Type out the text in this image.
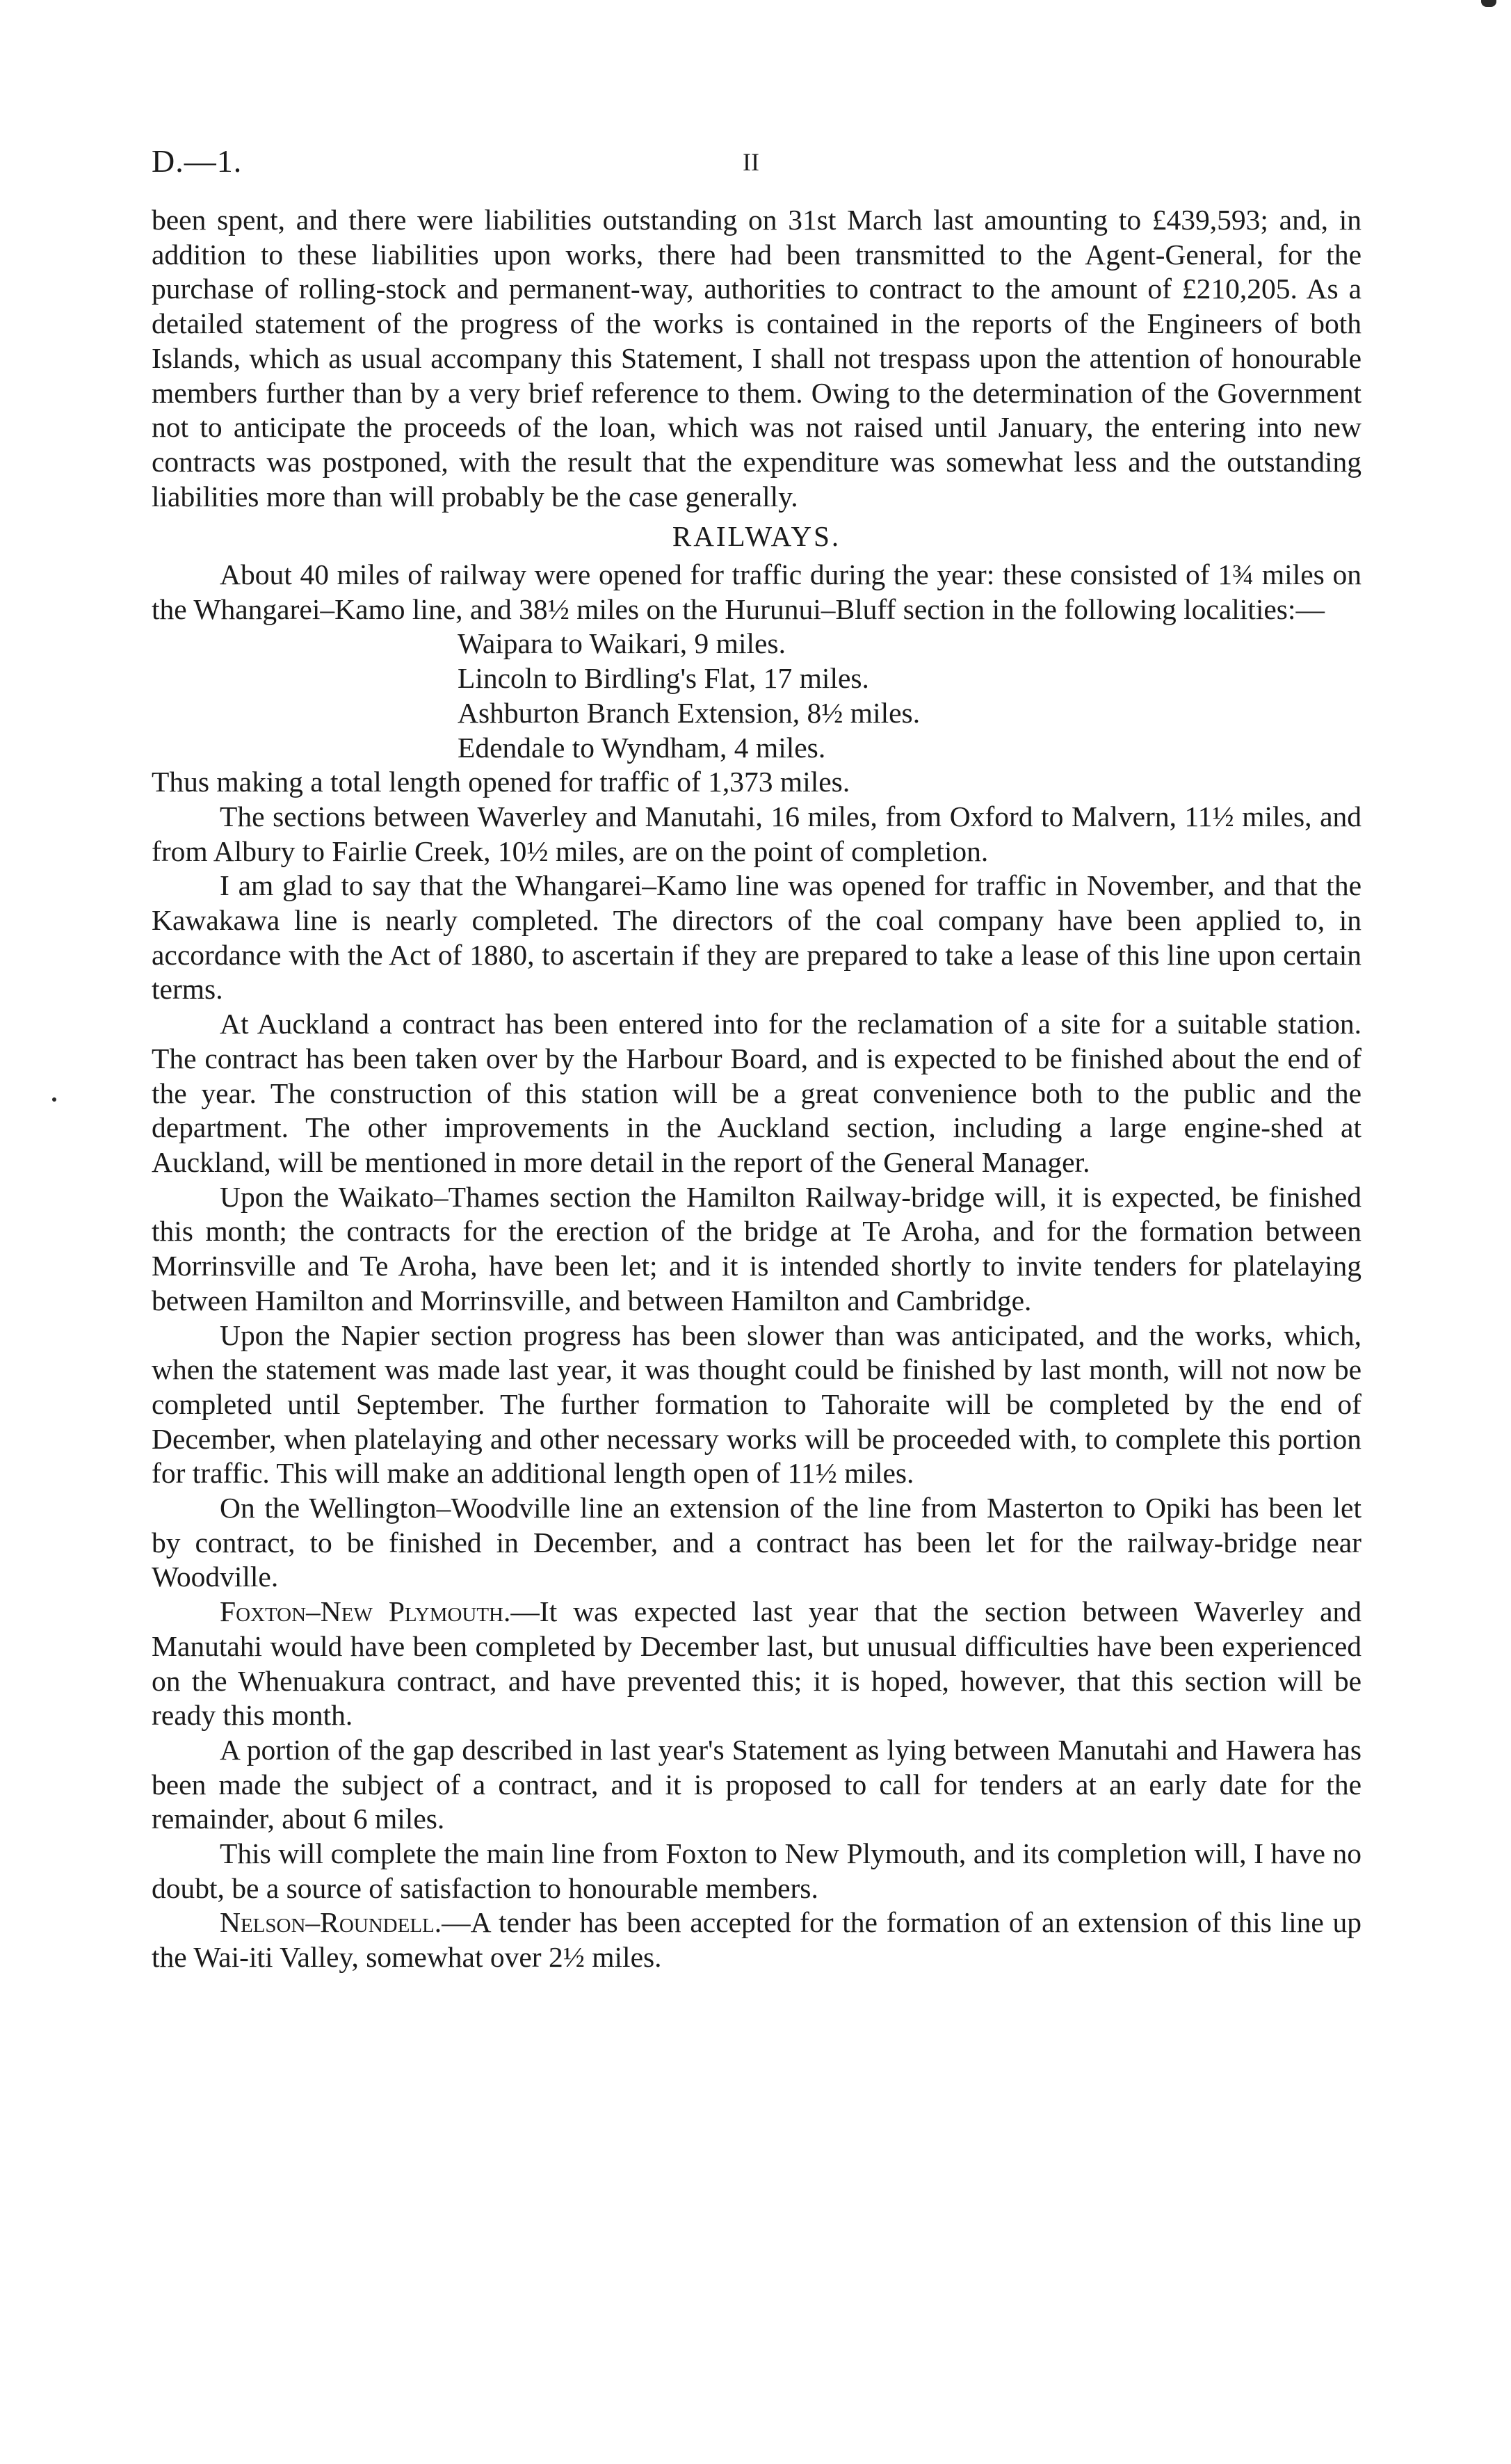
D.—1.	II

been spent, and there were liabilities outstanding on 31st March last amounting to £439,593; and, in addition to these liabilities upon works, there had been transmitted to the Agent-General, for the purchase of rolling-stock and permanent-way, authorities to contract to the amount of £210,205. As a detailed statement of the progress of the works is contained in the reports of the Engineers of both Islands, which as usual accompany this Statement, I shall not trespass upon the attention of honourable members further than by a very brief reference to them. Owing to the determination of the Government not to anticipate the proceeds of the loan, which was not raised until January, the entering into new contracts was postponed, with the result that the expenditure was somewhat less and the outstanding liabilities more than will probably be the case generally.

RAILWAYS.

About 40 miles of railway were opened for traffic during the year: these consisted of 1¾ miles on the Whangarei–Kamo line, and 38½ miles on the Hurunui–Bluff section in the following localities:—

Waipara to Waikari, 9 miles.

Lincoln to Birdling's Flat, 17 miles.

Ashburton Branch Extension, 8½ miles.

Edendale to Wyndham, 4 miles.

Thus making a total length opened for traffic of 1,373 miles.

The sections between Waverley and Manutahi, 16 miles, from Oxford to Malvern, 11½ miles, and from Albury to Fairlie Creek, 10½ miles, are on the point of completion.

I am glad to say that the Whangarei–Kamo line was opened for traffic in November, and that the Kawakawa line is nearly completed. The directors of the coal company have been applied to, in accordance with the Act of 1880, to ascertain if they are prepared to take a lease of this line upon certain terms.

At Auckland a contract has been entered into for the reclamation of a site for a suitable station. The contract has been taken over by the Harbour Board, and is expected to be finished about the end of the year. The construction of this station will be a great convenience both to the public and the department. The other improvements in the Auckland section, including a large engine-shed at Auckland, will be mentioned in more detail in the report of the General Manager.

Upon the Waikato–Thames section the Hamilton Railway-bridge will, it is expected, be finished this month; the contracts for the erection of the bridge at Te Aroha, and for the formation between Morrinsville and Te Aroha, have been let; and it is intended shortly to invite tenders for platelaying between Hamilton and Morrinsville, and between Hamilton and Cambridge.

Upon the Napier section progress has been slower than was anticipated, and the works, which, when the statement was made last year, it was thought could be finished by last month, will not now be completed until September. The further formation to Tahoraite will be completed by the end of December, when platelaying and other necessary works will be proceeded with, to complete this portion for traffic. This will make an additional length open of 11½ miles.

On the Wellington–Woodville line an extension of the line from Masterton to Opiki has been let by contract, to be finished in December, and a contract has been let for the railway-bridge near Woodville.

Foxton–New Plymouth.—It was expected last year that the section between Waverley and Manutahi would have been completed by December last, but unusual difficulties have been experienced on the Whenuakura contract, and have prevented this; it is hoped, however, that this section will be ready this month.

A portion of the gap described in last year's Statement as lying between Manutahi and Hawera has been made the subject of a contract, and it is proposed to call for tenders at an early date for the remainder, about 6 miles.

This will complete the main line from Foxton to New Plymouth, and its completion will, I have no doubt, be a source of satisfaction to honourable members.

Nelson–Roundell.—A tender has been accepted for the formation of an extension of this line up the Wai-iti Valley, somewhat over 2½ miles.
